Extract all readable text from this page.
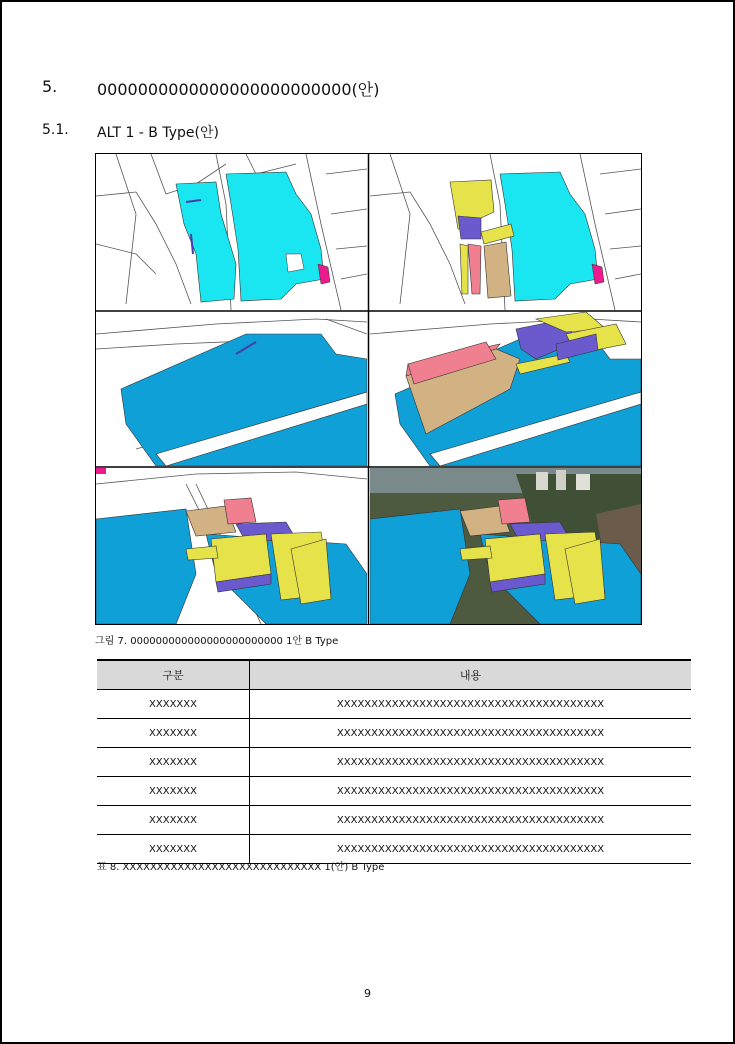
5. 0000000000000000000000000(안)
5.1. ALT 1 - B Type(안)
그림 7. 000000000000000000000000 1안 B Type
구분	내용
XXXXXXX	XXXXXXXXXXXXXXXXXXXXXXXXXXXXXXXXXXXXXXX
XXXXXXX	XXXXXXXXXXXXXXXXXXXXXXXXXXXXXXXXXXXXXXX
XXXXXXX	XXXXXXXXXXXXXXXXXXXXXXXXXXXXXXXXXXXXXXX
XXXXXXX	XXXXXXXXXXXXXXXXXXXXXXXXXXXXXXXXXXXXXXX
XXXXXXX	XXXXXXXXXXXXXXXXXXXXXXXXXXXXXXXXXXXXXXX
XXXXXXX	XXXXXXXXXXXXXXXXXXXXXXXXXXXXXXXXXXXXXXX
표 8. XXXXXXXXXXXXXXXXXXXXXXXXXXXXX 1(안) B Type
9
